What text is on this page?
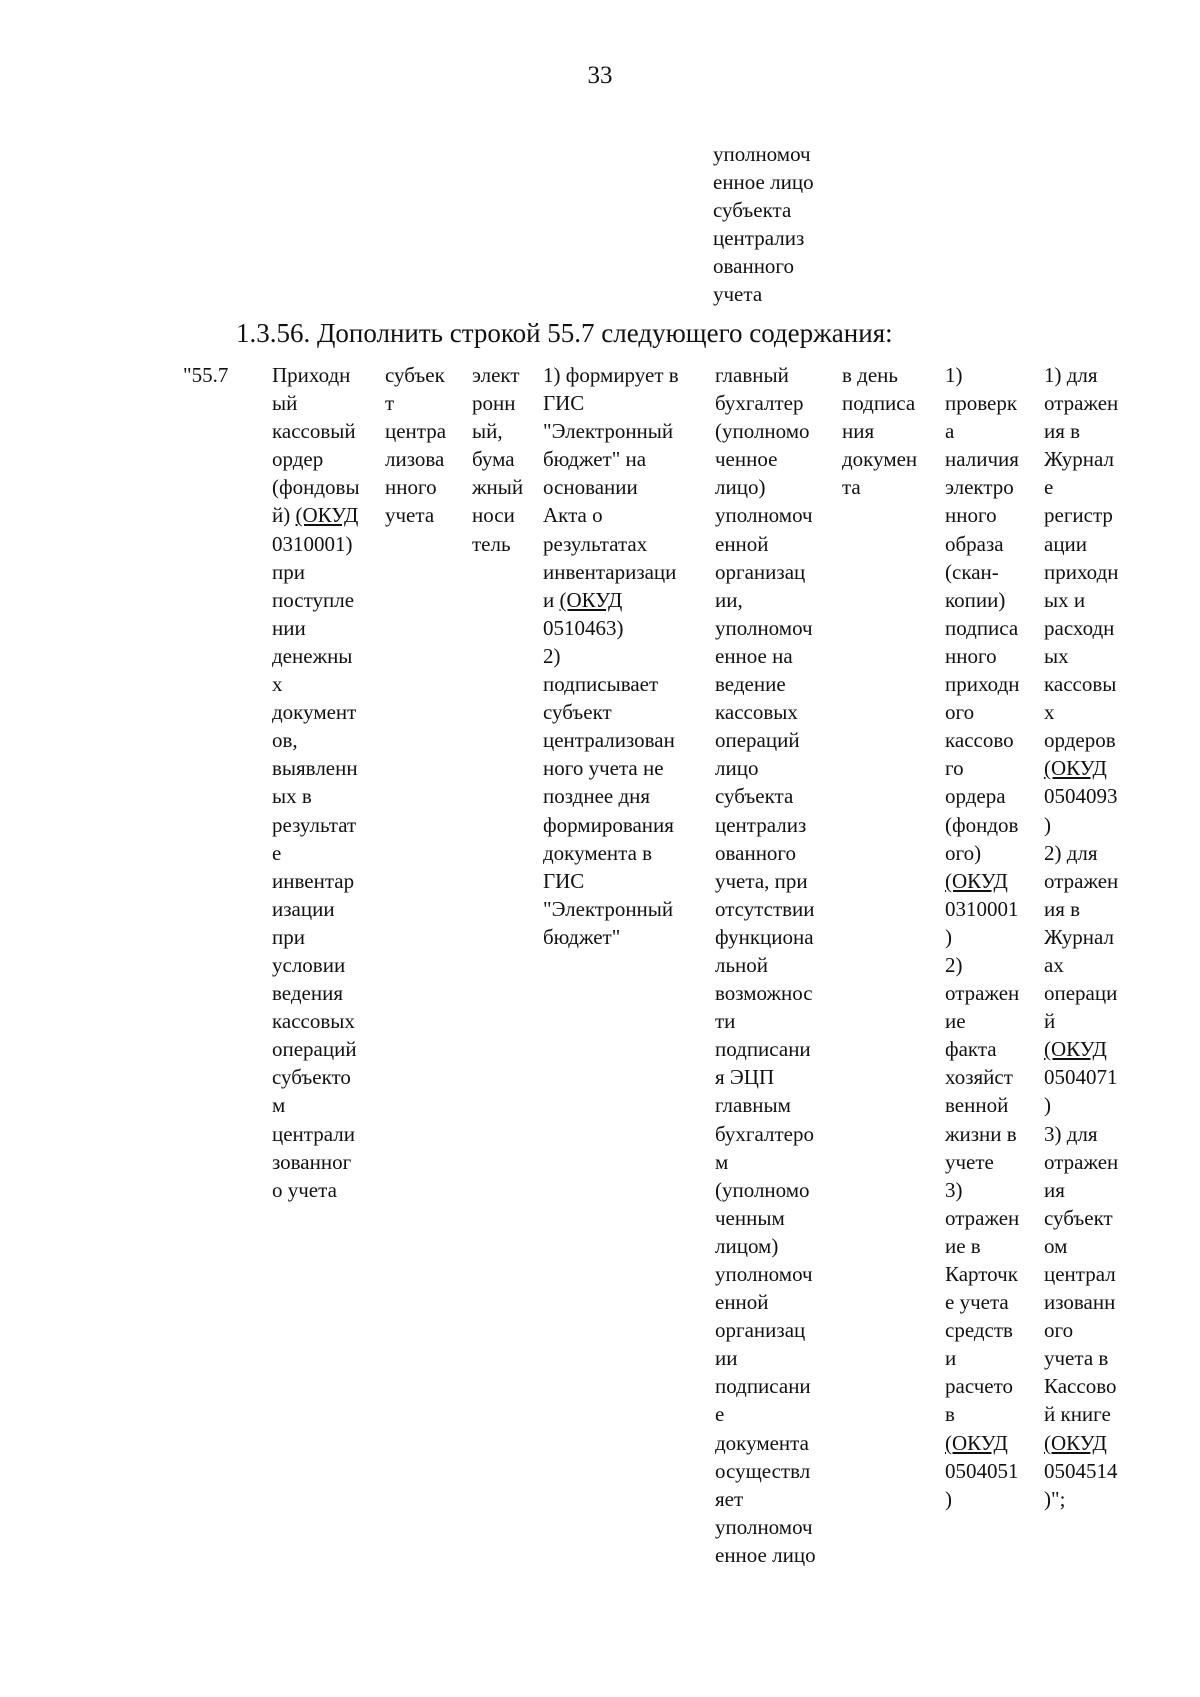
33
уполномоч
енное лицо
субъекта
централиз
ованного
учета
1.3.56. Дополнить строкой 55.7 следующего содержания:
"55.7 Приходн
ый
кассовый
ордер
(фондовы
й) (ОКУД
0310001)
при
поступле
нии
денежны
х
документ
ов,
выявленн
ых в
результат
е
инвентар
изации
при
условии
ведения
кассовых
операций
субъекто
м
централи
зованног
о учета
субъек
т
центра
лизова
нного
учета
элект
ронн
ый,
бума
жный
носи
тель
1) формирует в
ГИС
"Электронный
бюджет" на
основании
Акта о
результатах
инвентаризаци
и (ОКУД
0510463)
2)
подписывает
субъект
централизован
ного учета не
позднее дня
формирования
документа в
ГИС
"Электронный
бюджет"
главный
бухгалтер
(уполномо
ченное
лицо)
уполномоч
енной
организац
ии,
уполномоч
енное на
ведение
кассовых
операций
лицо
субъекта
централиз
ованного
учета, при
отсутствии
функциона
льной
возможнос
ти
подписани
я ЭЦП
главным
бухгалтеро
м
(уполномо
ченным
лицом)
уполномоч
енной
организац
ии
подписани
е
документа
осуществл
яет
уполномоч
енное лицо
в день
подписа
ния
докумен
та
1)
проверк
а
наличия
электро
нного
образа
(скан-
копии)
подписа
нного
приходн
ого
кассово
го
ордера
(фондов
ого)
(ОКУД
0310001
)
2)
отражен
ие
факта
хозяйст
венной
жизни в
учете
3)
отражен
ие в
Карточк
е учета
средств
и
расчето
в
(ОКУД
0504051
)
1) для
отражен
ия в
Журнал
е
регистр
ации
приходн
ых и
расходн
ых
кассовы
х
ордеров
(ОКУД
0504093
)
2) для
отражен
ия в
Журнал
ах
операци
й
(ОКУД
0504071
)
3) для
отражен
ия
субъект
ом
централ
изованн
ого
учета в
Кассово
й книге
(ОКУД
0504514
)";
